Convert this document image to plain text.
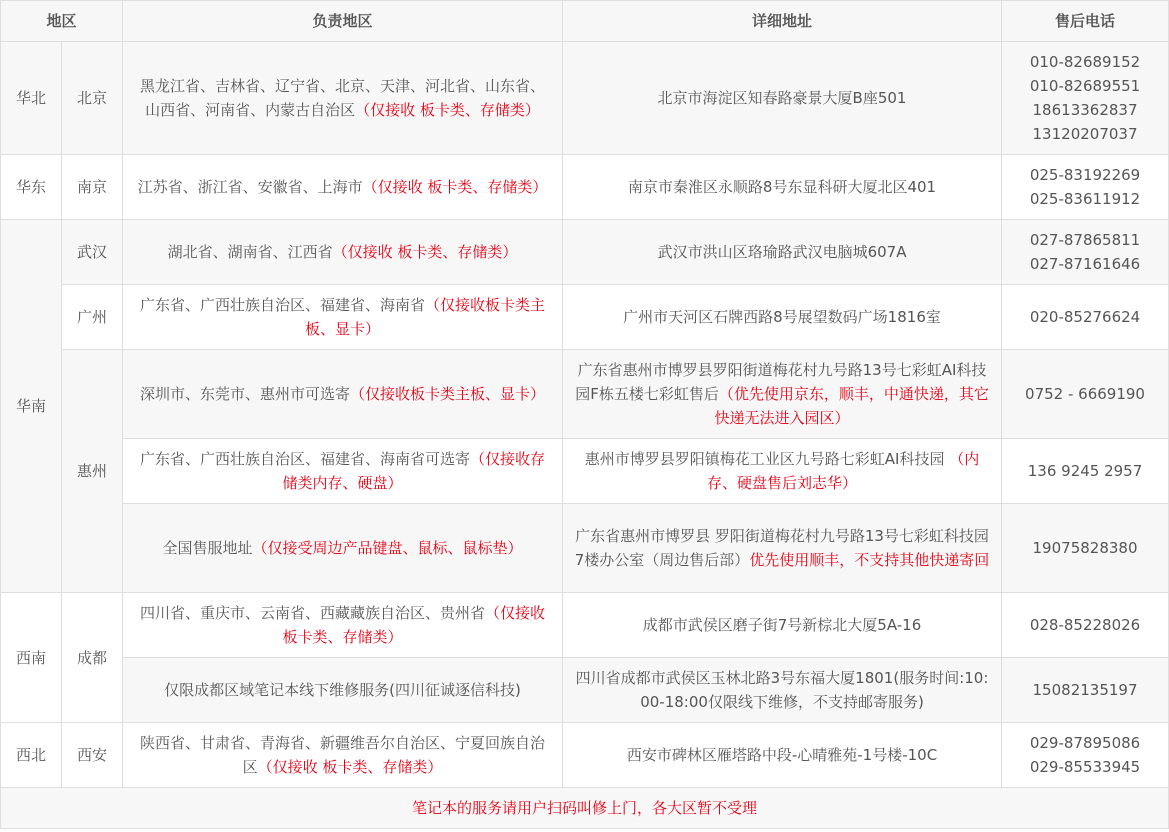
地区		负责地区	详细地址	售后电话
华北	北京	黑龙江省、吉林省、辽宁省、北京、天津、河北省、山东省、山西省、河南省、内蒙古自治区（仅接收 板卡类、存储类）	北京市海淀区知春路豪景大厦B座501	010-82689152
010-82689551
18613362837
13120207037

华东	南京	江苏省、浙江省、安徽省、上海市（仅接收 板卡类、存储类）	南京市秦淮区永顺路8号东显科研大厦北区401	025-83192269
025-83611912

华南	武汉	湖北省、湖南省、江西省（仅接收 板卡类、存储类）	武汉市洪山区珞瑜路武汉电脑城607A	027-87865811
027-87161646

	广州	广东省、广西壮族自治区、福建省、海南省（仅接收板卡类主板、显卡）	广州市天河区石牌西路8号展望数码广场1816室	020-85276624

	惠州	深圳市、东莞市、惠州市可选寄（仅接收板卡类主板、显卡）	广东省惠州市博罗县罗阳街道梅花村九号路13号七彩虹AI科技园F栋五楼七彩虹售后（优先使用京东，顺丰，中通快递，其它快递无法进入园区）	0752 - 6669190

		广东省、广西壮族自治区、福建省、海南省可选寄（仅接收存储类内存、硬盘）	惠州市博罗县罗阳镇梅花工业区九号路七彩虹AI科技园 （内存、硬盘售后刘志华）	136 9245 2957

		全国售服地址（仅接受周边产品键盘、鼠标、鼠标垫）	广东省惠州市博罗县 罗阳街道梅花村九号路13号七彩虹科技园7楼办公室（周边售后部）优先使用顺丰，不支持其他快递寄回	19075828380

西南	成都	四川省、重庆市、云南省、西藏藏族自治区、贵州省（仅接收 板卡类、存储类）	成都市武侯区磨子街7号新棕北大厦5A-16	028-85228026

		仅限成都区域笔记本线下维修服务(四川征诚逐信科技)	四川省成都市武侯区玉林北路3号东福大厦1801(服务时间:10:00-18:00仅限线下维修，不支持邮寄服务)	15082135197

西北	西安	陕西省、甘肃省、青海省、新疆维吾尔自治区、宁夏回族自治区（仅接收 板卡类、存储类）	西安市碑林区雁塔路中段-心晴雅苑-1号楼-10C	029-87895086
029-85533945

笔记本的服务请用户扫码叫修上门，各大区暂不受理				
